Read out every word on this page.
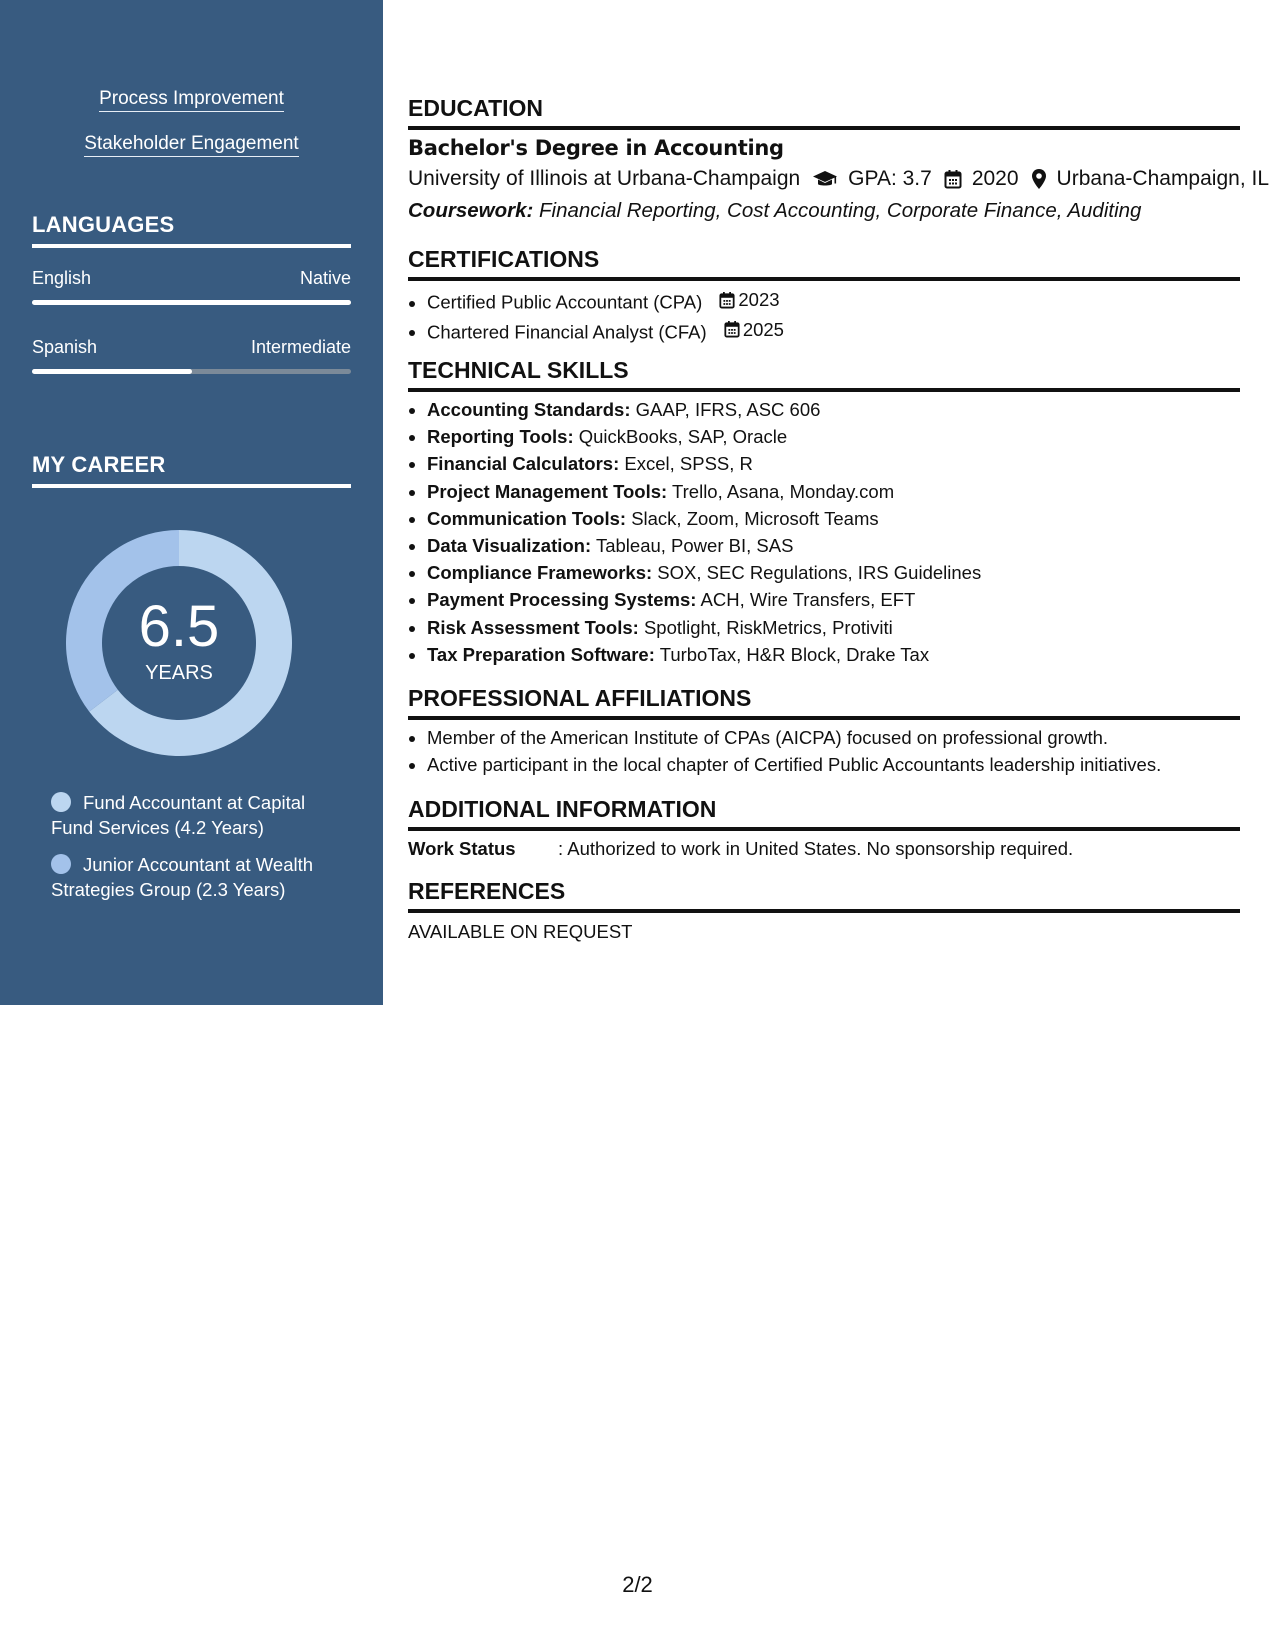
Process Improvement
Stakeholder Engagement
LANGUAGES
English	Native
Spanish	Intermediate
MY CAREER
6.5
YEARS
Fund Accountant at Capital Fund Services (4.2 Years)
Junior Accountant at Wealth Strategies Group (2.3 Years)
EDUCATION
Bachelor's Degree in Accounting
University of Illinois at Urbana-Champaign GPA: 3.7 2020 Urbana-Champaign, IL
Coursework: Financial Reporting, Cost Accounting, Corporate Finance, Auditing
CERTIFICATIONS
• Certified Public Accountant (CPA) 2023
• Chartered Financial Analyst (CFA) 2025
TECHNICAL SKILLS
• Accounting Standards: GAAP, IFRS, ASC 606
• Reporting Tools: QuickBooks, SAP, Oracle
• Financial Calculators: Excel, SPSS, R
• Project Management Tools: Trello, Asana, Monday.com
• Communication Tools: Slack, Zoom, Microsoft Teams
• Data Visualization: Tableau, Power BI, SAS
• Compliance Frameworks: SOX, SEC Regulations, IRS Guidelines
• Payment Processing Systems: ACH, Wire Transfers, EFT
• Risk Assessment Tools: Spotlight, RiskMetrics, Protiviti
• Tax Preparation Software: TurboTax, H&R Block, Drake Tax
PROFESSIONAL AFFILIATIONS
• Member of the American Institute of CPAs (AICPA) focused on professional growth.
• Active participant in the local chapter of Certified Public Accountants leadership initiatives.
ADDITIONAL INFORMATION
Work Status	: Authorized to work in United States. No sponsorship required.
REFERENCES
AVAILABLE ON REQUEST
2/2
